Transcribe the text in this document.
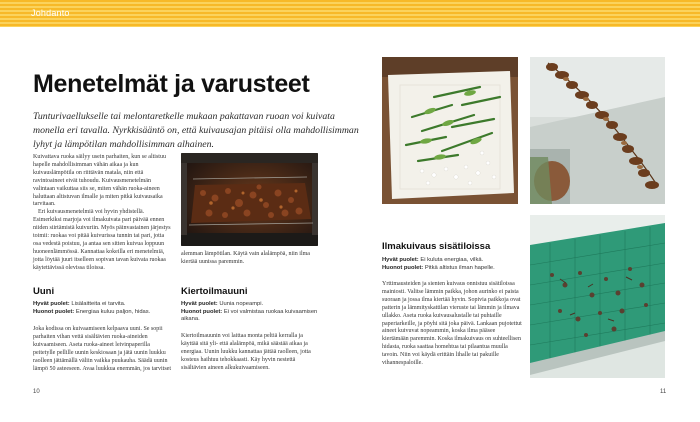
Johdanto
Menetelmät ja varusteet

Tunturivaellukselle tai melontaretkelle mukaan pakattavan ruoan voi kuivata monella eri tavalla. Nyrkkisääntö on, että kuivausajan pitäisi olla mahdollisimman lyhyt ja lämpötilan mahdollisimman alhainen.

Kuivattava ruoka säilyy usein parhaiten, kun se altistuu hapelle mahdollisimman vähän aikaa ja kun kuivauslämpötila on riittävän matala, niin että ravintoaineet eivät tuhoudu. Kuivausmenetelmän valintaan vaikuttaa siis se, miten vähän ruoka-aineen haluttaan altistuvan ilmalle ja miten pitkä kuivausaika tarvitaan.

Eri kuivausmenetelmiä voi hyvin yhdistellä. Esimerkiksi marjoja voi ilmakuivata pari päivää ennen niiden siirtämistä kuivuriin. Myös päinvastainen järjestys toimii: ruokaa voi pitää kuivurissa tunnin tai pari, jotta osa vedestä poistuu, ja antaa sen sitten kuivua loppuun huoneenlämmössä. Kannattaa kokeilla eri menetelmiä, jotta löytää juuri itselleen sopivan tavan kuivata ruokaa käytettävissä olevissa tiloissa.

alemman lämpötilan. Käytä vain alalämpöä, niin ilma kiertää uunissa paremmin.

Uuni
Hyvät puolet: Lisälaitteita ei tarvita.
Huonot puolet: Energiaa kuluu paljon, hidas.

Joka kodissa on kuivaamiseen kelpaava uuni. Se sopii parhaiten vihan vettä sisältävien ruoka-aineiden kuivaamiseen. Aseta ruoka-aineet leivinpaperilla peitetylle pellille uunin keskiosaan ja jätä uunin luukku raolleen jättämällä väliin vaikka puukauha. Säädä uunin lämpö 50 asteeseen. Avaa luukkua enemmän, jos tarvitset

Kiertoilmauuni
Hyvät puolet: Uunia nopeampi.
Huonot puolet: Ei voi valmistaa ruokaa kuivaamisen aikana.

Kiertoilmauunin voi laittaa monta peltiä kerralla ja käyttää sitä yli- että alalämpöä, mikä säästää aikaa ja energiaa. Uunin luukku kannattaa jättää raolleen, jotta kosteus haihtuu tehokkaasti. Käy hyvin nestettä sisältävien aineen alkukuivaamiseen.

Ilmakuivaus sisätiloissa
Hyvät puolet: Ei kuluta energiaa, vilkä.
Huonot puolet: Pitkä altistus ilman hapelle.

Yrttimausteiden ja sienten kuivaus onnistuu sisätiloissa mainiosti. Valitse lämmin paikka, johon aurinko ei paista suoraan ja jossa ilma kiertää hyvin. Sopivia paikkoja ovat patterin ja lämmityskattilan vieruste tai lämmin ja ilmava ullakko. Aseta ruoka kuivausalustalle tai puhtaille paperiarkeille, ja pöyhi sitä joka päivä. Lankaan pujotettut aineet kuivuvat nopeammin, koska ilma pääsee kiertämään paremmin. Koska ilmakuivaus on suhteellisen hidasta, ruoka saattaa homehtua tai pilaantua muulla tavoin. Niin voi käydä erittäin lihalle tai pakuille vihannespaloille.

10	11
